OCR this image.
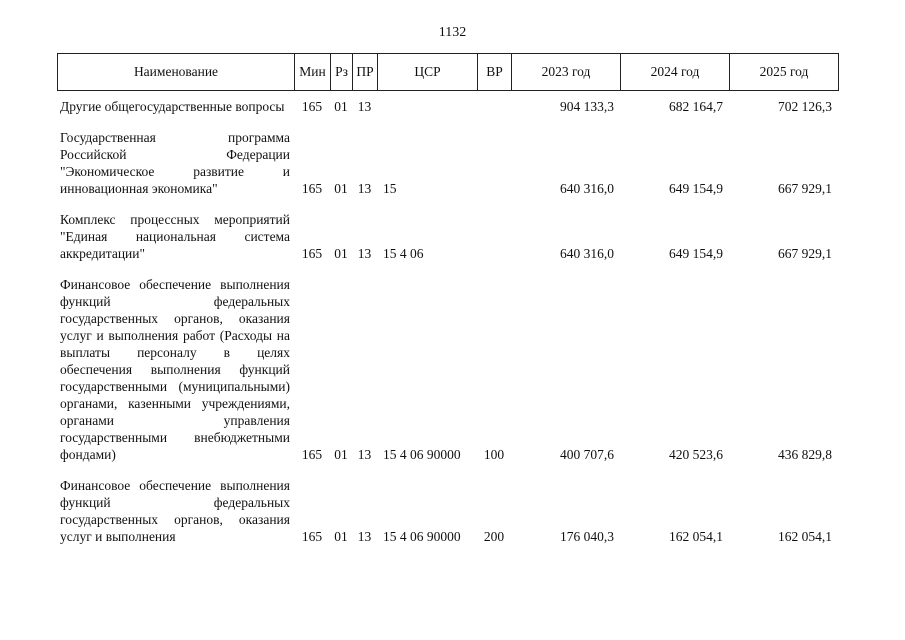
1132
Наименование	Мин	Рз	ПР	ЦСР	ВР	2023 год	2024 год	2025 год
Другие общегосударственные вопросы	165	01	13			904 133,3	682 164,7	702 126,3

Государственная программа Российской Федерации "Экономическое развитие и инновационная экономика"	165	01	13	15		640 316,0	649 154,9	667 929,1

Комплекс процессных мероприятий "Единая национальная система аккредитации"	165	01	13	15 4 06		640 316,0	649 154,9	667 929,1

Финансовое обеспечение выполнения функций федеральных государственных органов, оказания услуг и выполнения работ (Расходы на выплаты персоналу в целях обеспечения выполнения функций государственными (муниципальными) органами, казенными учреждениями, органами управления государственными внебюджетными фондами)	165	01	13	15 4 06 90000	100	400 707,6	420 523,6	436 829,8

Финансовое обеспечение выполнения функций федеральных государственных органов, оказания услуг и выполнения	165	01	13	15 4 06 90000	200	176 040,3	162 054,1	162 054,1
